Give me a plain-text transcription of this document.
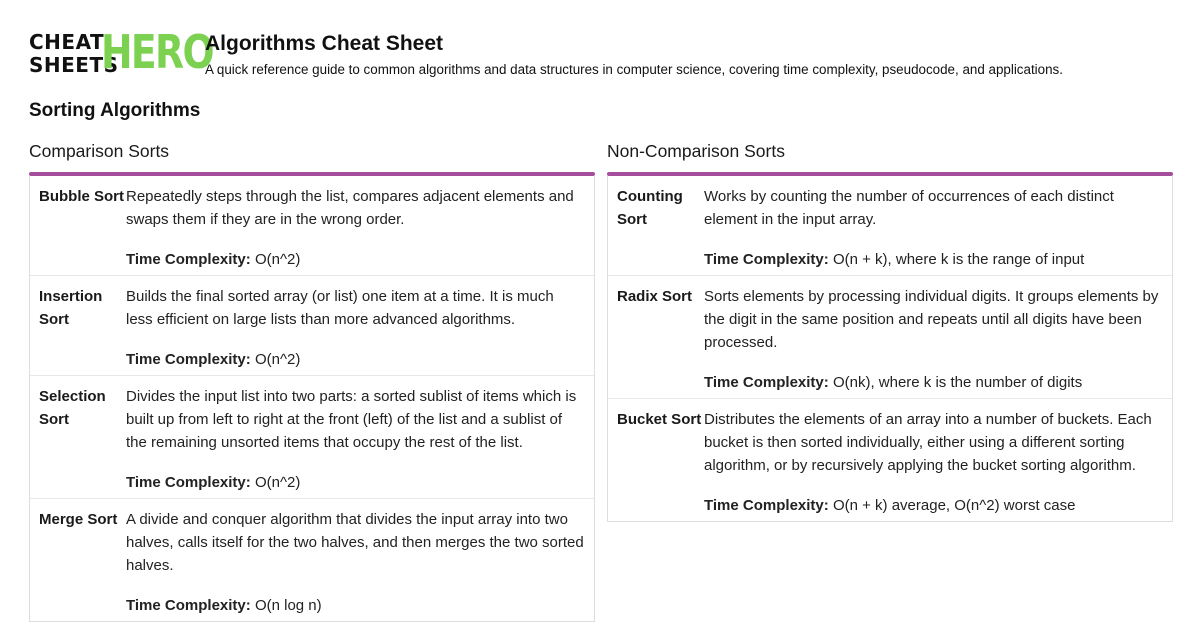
CHEAT
SHEETS
HERO
Algorithms Cheat Sheet
A quick reference guide to common algorithms and data structures in computer science, covering time complexity, pseudocode, and applications.
Sorting Algorithms
Comparison Sorts
Bubble Sort Repeatedly steps through the list, compares adjacent elements and swaps them if they are in the wrong order.

Time Complexity: O(n^2)

Insertion Sort

Builds the final sorted array (or list) one item at a time. It is much less efficient on large lists than more advanced algorithms.

Time Complexity: O(n^2)

Selection Sort

Divides the input list into two parts: a sorted sublist of items which is built up from left to right at the front (left) of the list and a sublist of the remaining unsorted items that occupy the rest of the list.

Time Complexity: O(n^2)

Merge Sort A divide and conquer algorithm that divides the input array into two halves, calls itself for the two halves, and then merges the two sorted halves.

Time Complexity: O(n log n)

Non-Comparison Sorts
Counting Sort

Works by counting the number of occurrences of each distinct element in the input array.

Time Complexity: O(n + k), where k is the range of input

Radix Sort Sorts elements by processing individual digits. It groups elements by the digit in the same position and repeats until all digits have been processed.

Time Complexity: O(nk), where k is the number of digits

Bucket Sort Distributes the elements of an array into a number of buckets. Each bucket is then sorted individually, either using a different sorting algorithm, or by recursively applying the bucket sorting algorithm.

Time Complexity: O(n + k) average, O(n^2) worst case
